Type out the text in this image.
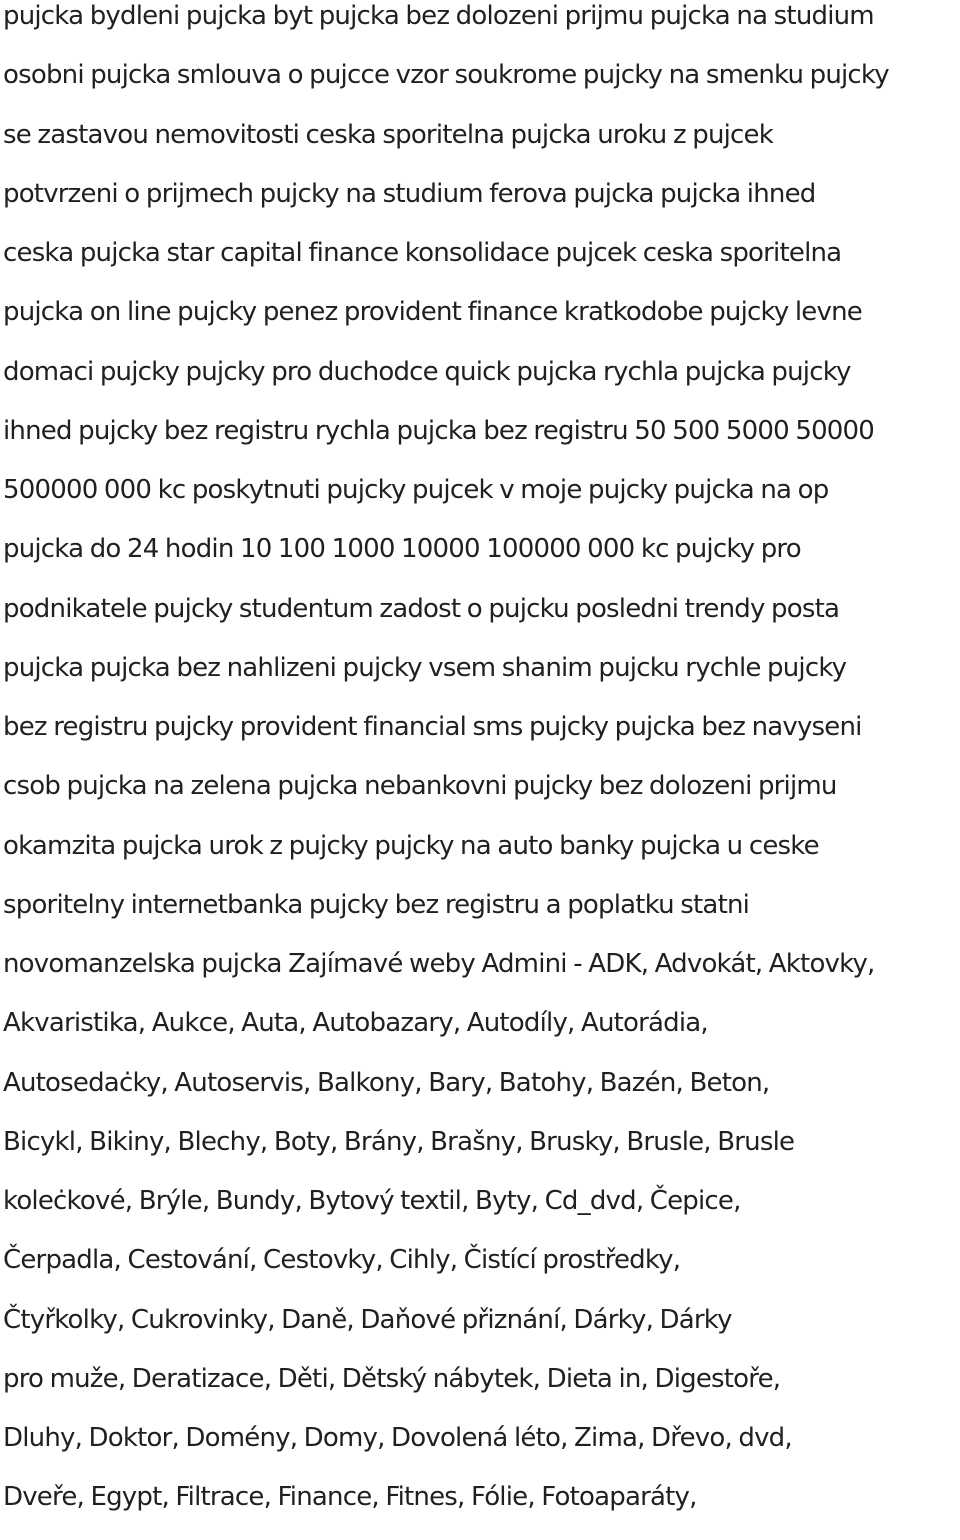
pujcka bydleni pujcka byt pujcka bez dolozeni prijmu pujcka na studium
osobni pujcka smlouva o pujcce vzor soukrome pujcky na smenku pujcky
se zastavou nemovitosti ceska sporitelna pujcka uroku z pujcek
potvrzeni o prijmech pujcky na studium ferova pujcka pujcka ihned
ceska pujcka star capital finance konsolidace pujcek ceska sporitelna
pujcka on line pujcky penez provident finance kratkodobe pujcky levne
domaci pujcky pujcky pro duchodce quick pujcka rychla pujcka pujcky
ihned pujcky bez registru rychla pujcka bez registru 50 500 5000 50000
500000 000 kc poskytnuti pujcky pujcek v moje pujcky pujcka na op
pujcka do 24 hodin 10 100 1000 10000 100000 000 kc pujcky pro
podnikatele pujcky studentum zadost o pujcku posledni trendy posta
pujcka pujcka bez nahlizeni pujcky vsem shanim pujcku rychle pujcky
bez registru pujcky provident financial sms pujcky pujcka bez navyseni
csob pujcka na zelena pujcka nebankovni pujcky bez dolozeni prijmu
okamzita pujcka urok z pujcky pujcky na auto banky pujcka u ceske
sporitelny internetbanka pujcky bez registru a poplatku statni
novomanzelska pujcka Zajímavé weby Admini - ADK, Advokát, Aktovky,
Akvaristika, Aukce, Auta, Autobazary, Autodíly, Autorádia,
Autosedaċky, Autoservis, Balkony, Bary, Batohy, Bazén, Beton,
Bicykl, Bikiny, Blechy, Boty, Brány, Brašny, Brusky, Brusle, Brusle
koleċkové, Brýle, Bundy, Bytový textil, Byty, Cd_dvd, Čepice,
Čerpadla, Cestování, Cestovky, Cihly, Čistící prostředky,
Čtyřkolky, Cukrovinky, Daně, Daňové přiznání, Dárky, Dárky
pro muže, Deratizace, Děti, Dětský nábytek, Dieta in, Digestoře,
Dluhy, Doktor, Domény, Domy, Dovolená léto, Zima, Dřevo, dvd,
Dveře, Egypt, Filtrace, Finance, Fitnes, Fólie, Fotoaparáty,
